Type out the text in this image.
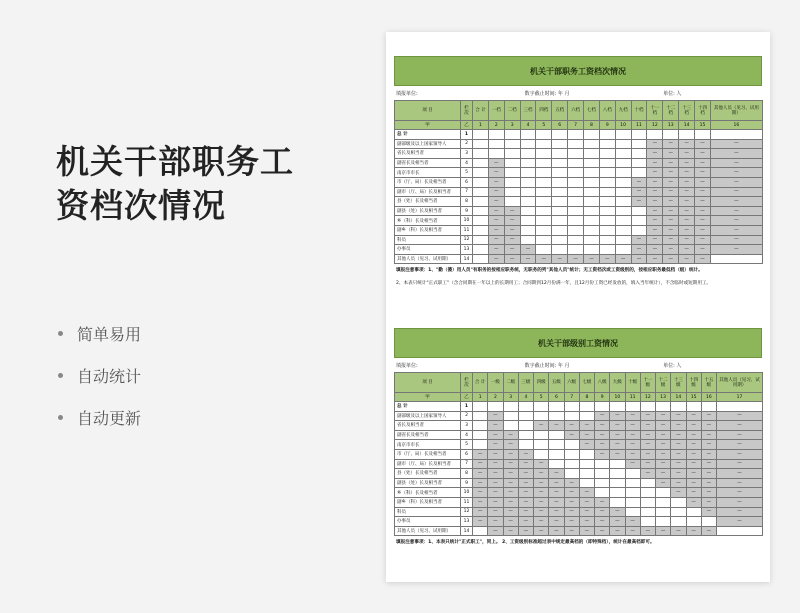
机关干部职务工
资档次情况
简单易用
自动统计
自动更新
机关干部职务工资档次情况
填报单位:	数字截止时间: 年 月	单位: 人
项 目	栏 次	合 计	一档	二档	三档	四档	五档	六档	七档	八档	九档	十档	十一档	十二档	十三档	十四档	其他人员（见习、试用期）
甲	乙	1	2	3	4	5	6	7	8	9	10	11	12	13	14	15	16
总 计	1																
副部级及以上国家领导人	2												—	—	—	—	—
省长及相当者	3												—	—	—	—	—
副省长及相当者	4		—										—	—	—	—	—
南京市市长	5		—										—	—	—	—	—
市（厅、局）长及相当者	6		—									—	—	—	—	—	—
副市（厅、局）长及相当者	7		—									—	—	—	—	—	—
县（处）长及相当者	8		—									—	—	—	—	—	—
副县（处）长及相当者	9		—	—									—	—	—	—	—
乡（科）长及相当者	10		—	—									—	—	—	—	—
副乡（科）长及相当者	11		—	—									—	—	—	—	—
科员	12		—	—								—	—	—	—	—	—
办事员	13		—	—	—							—	—	—	—	—	—
其他人员（见习、试用期）	14		—	—	—	—	—	—	—	—	—	—	—	—	—	—	
填报注意事项：1、"勤（傻）用人员"有职务的按相应职务统，无职务的列"其他人员"统计；无工资档次或工资级别的，按相应职务最低档（级）统计。
2、本表只统计"正式职工"（含合同期在一年以上的长期用工；合同期到12月份满一年，且12月份工资已经发放的，填入当年统计），不含临时或短期用工。
机关干部级别工资情况
填报单位:	数字截止时间: 年 月	单位: 人
项 目	栏 次	合 计	一级	二级	三级	四级	五级	六级	七级	八级	九级	十级	十一级	十二级	十三级	十四级	十五级	其他人员（见习、试用期）
甲	乙	1	2	3	4	5	6	7	8	9	10	11	12	13	14	15	16	17
总 计	1																	
副部级及以上国家领导人	2		—							—	—	—	—	—	—	—	—	—
省长及相当者	3		—			—	—	—	—	—	—	—	—	—	—	—	—	—
副省长及相当者	4		—	—				—	—	—	—	—	—	—	—	—	—	—
南京市市长	5		—	—					—	—	—	—	—	—	—	—	—	—
市（厅、局）长及相当者	6	—	—	—	—					—	—	—	—	—	—	—	—	—
副市（厅、局）长及相当者	7	—	—	—	—	—						—	—	—	—	—	—	—
县（处）长及相当者	8	—	—	—	—	—	—						—	—	—	—	—	—
副县（处）长及相当者	9	—	—	—	—	—	—	—						—	—	—	—	—
乡（科）长及相当者	10	—	—	—	—	—	—	—	—						—	—	—	—
副乡（科）长及相当者	11	—	—	—	—	—	—	—	—	—						—	—	—
科员	12	—	—	—	—	—	—	—	—	—	—						—	—
办事员	13	—	—	—	—	—	—	—	—	—	—	—						—
其他人员（见习、试用期）	14		—	—	—	—	—	—	—	—	—	—	—	—	—	—	—	
填报注意事项：1、本表只统计"正式职工"，同上。 2、工资级别标准超过表中规定最高档的（即特殊档），统计在最高档即可。
